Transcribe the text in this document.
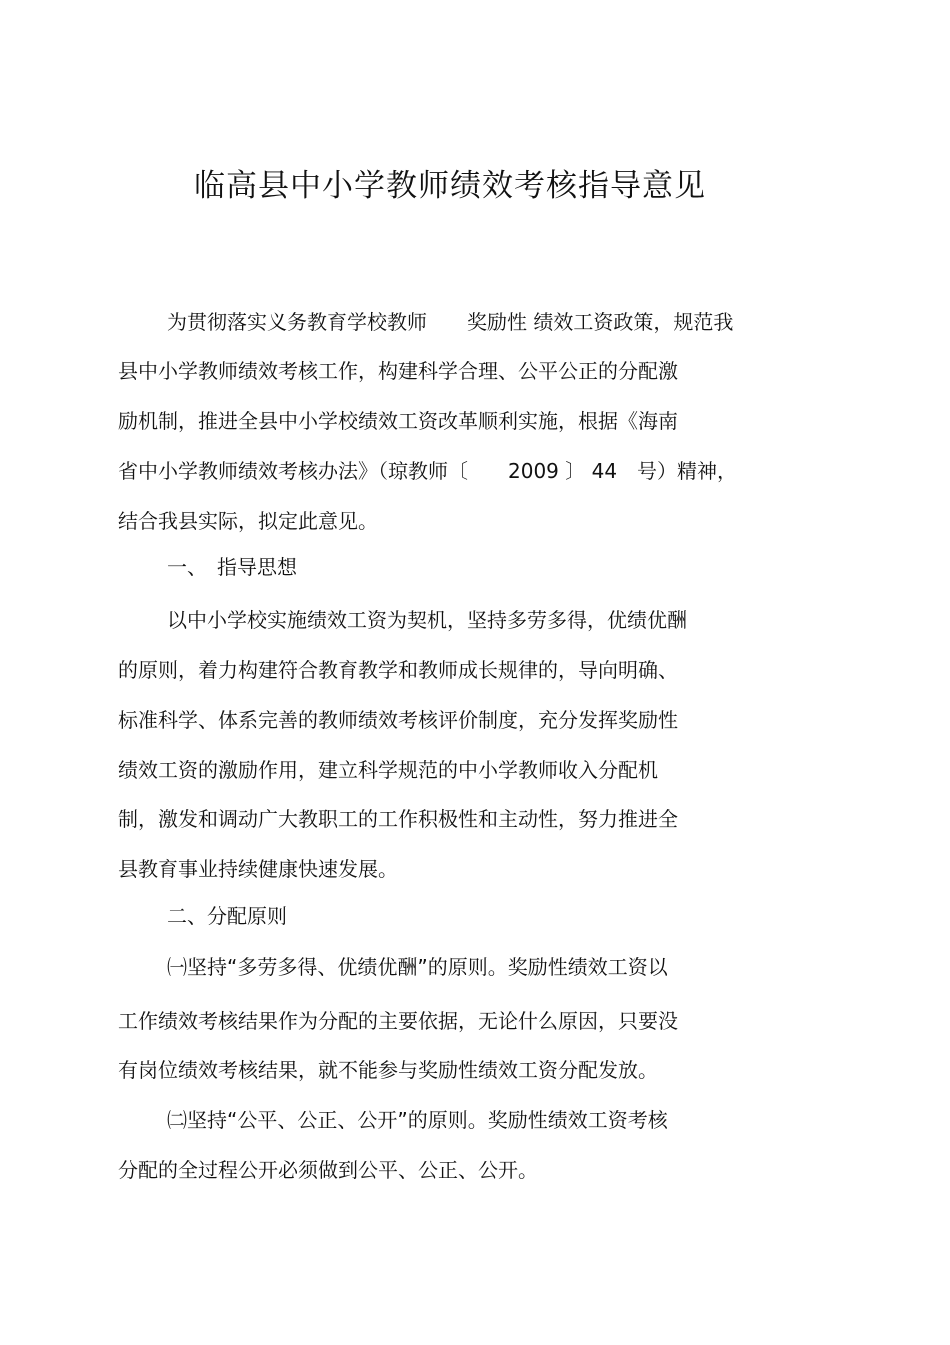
临高县中小学教师绩效考核指导意见
为贯彻落实义务教育学校教师　　奖励性 绩效工资政策，规范我
县中小学教师绩效考核工作，构建科学合理、公平公正的分配激
励机制，推进全县中小学校绩效工资改革顺利实施，根据《海南
省中小学教师绩效考核办法》（琼教师〔　　2009 〕 44　号）精神，
结合我县实际，拟定此意见。
一、　指导思想
以中小学校实施绩效工资为契机，坚持多劳多得，优绩优酬
的原则，着力构建符合教育教学和教师成长规律的，导向明确、
标准科学、体系完善的教师绩效考核评价制度，充分发挥奖励性
绩效工资的激励作用，建立科学规范的中小学教师收入分配机
制，激发和调动广大教职工的工作积极性和主动性，努力推进全
县教育事业持续健康快速发展。
二、分配原则
㈠坚持“多劳多得、优绩优酬”的原则。奖励性绩效工资以
工作绩效考核结果作为分配的主要依据，无论什么原因，只要没
有岗位绩效考核结果，就不能参与奖励性绩效工资分配发放。
㈡坚持“公平、公正、公开”的原则。奖励性绩效工资考核
分配的全过程公开必须做到公平、公正、公开。
